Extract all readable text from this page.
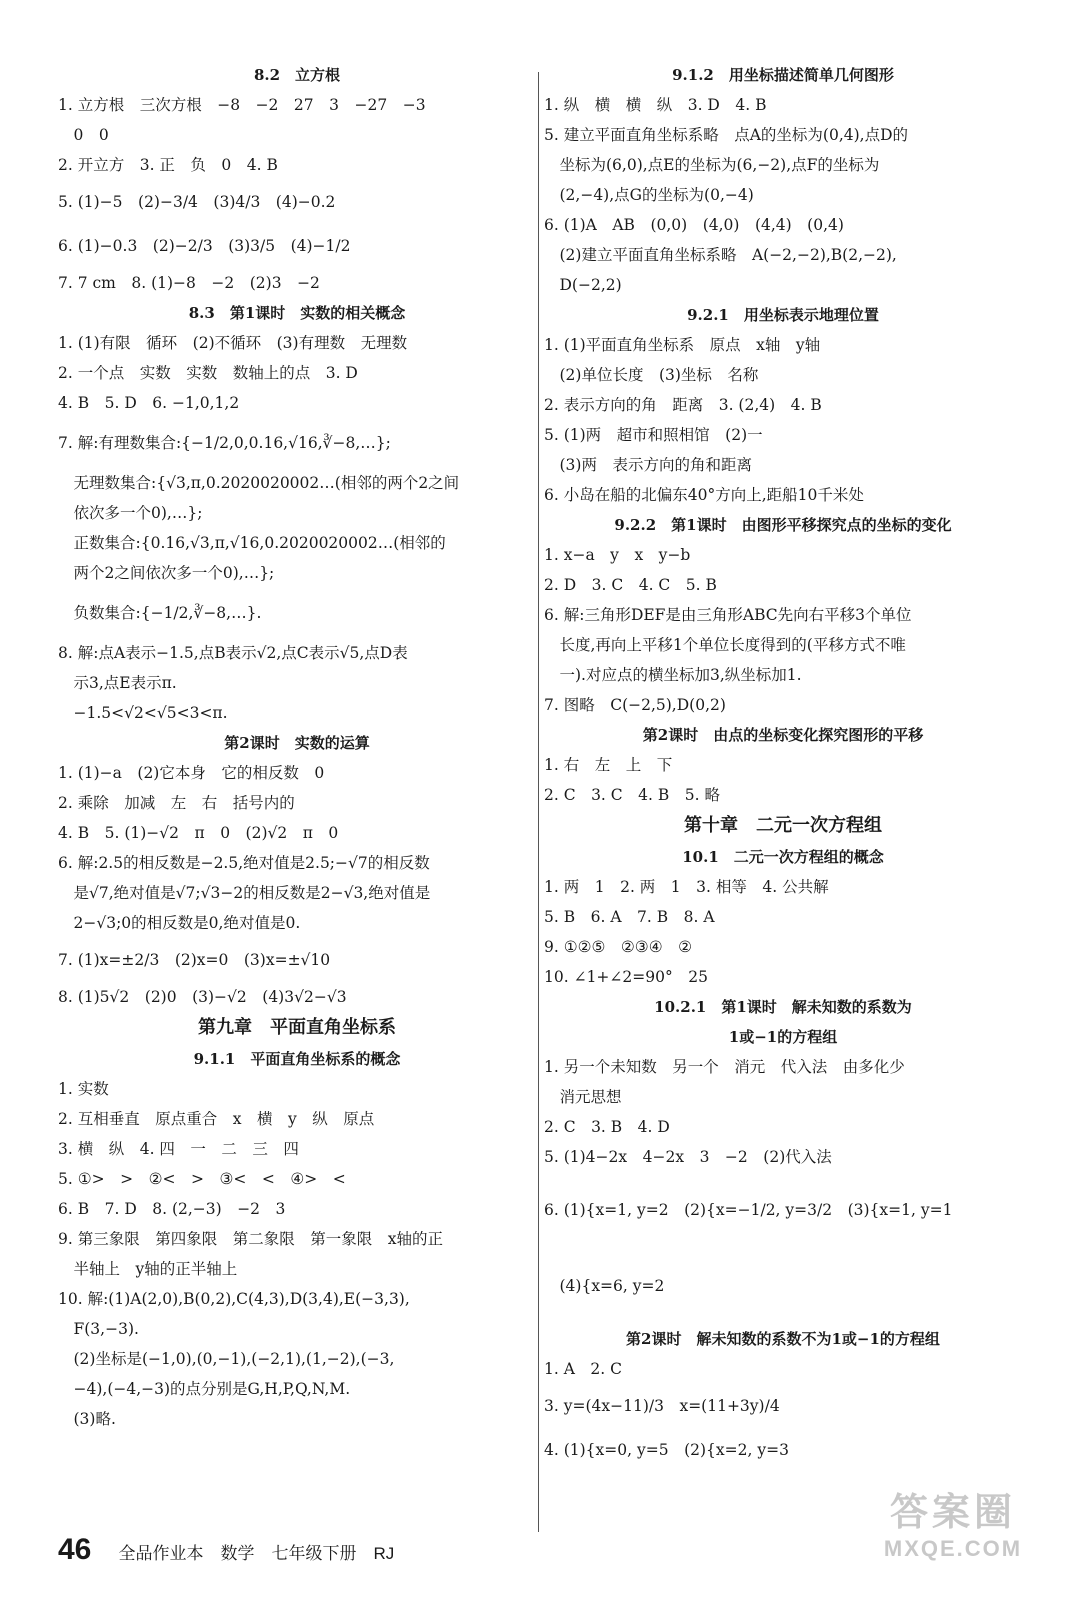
8.2　立方根
1. 立方根　三次方根　−8　−2　27　3　−27　−3
　0　0
2. 开立方　3. 正　负　0　4. B
5. (1)−5　(2)−3/4　(3)4/3　(4)−0.2
6. (1)−0.3　(2)−2/3　(3)3/5　(4)−1/2
7. 7 cm　8. (1)−8　−2　(2)3　−2
8.3　第1课时　实数的相关概念
1. (1)有限　循环　(2)不循环　(3)有理数　无理数
2. 一个点　实数　实数　数轴上的点　3. D
4. B　5. D　6. −1,0,1,2
7. 解:有理数集合:{−1/2,0,0.16,√16,∛−8,…};
　无理数集合:{√3,π,0.2020020002…(相邻的两个2之间
　依次多一个0),…};
　正数集合:{0.16,√3,π,√16,0.2020020002…(相邻的
　两个2之间依次多一个0),…};
　负数集合:{−1/2,∛−8,…}.
8. 解:点A表示−1.5,点B表示√2,点C表示√5,点D表
　示3,点E表示π.
　−1.5<√2<√5<3<π.
第2课时　实数的运算
1. (1)−a　(2)它本身　它的相反数　0
2. 乘除　加减　左　右　括号内的
4. B　5. (1)−√2　π　0　(2)√2　π　0
6. 解:2.5的相反数是−2.5,绝对值是2.5;−√7的相反数
　是√7,绝对值是√7;√3−2的相反数是2−√3,绝对值是
　2−√3;0的相反数是0,绝对值是0.
7. (1)x=±2/3　(2)x=0　(3)x=±√10
8. (1)5√2　(2)0　(3)−√2　(4)3√2−√3
第九章　平面直角坐标系
9.1.1　平面直角坐标系的概念
1. 实数
2. 互相垂直　原点重合　x　横　y　纵　原点
3. 横　纵　4. 四　一　二　三　四
5. ①>　>　②<　>　③<　<　④>　<
6. B　7. D　8. (2,−3)　−2　3
9. 第三象限　第四象限　第二象限　第一象限　x轴的正
　半轴上　y轴的正半轴上
10. 解:(1)A(2,0),B(0,2),C(4,3),D(3,4),E(−3,3),
　F(3,−3).
　(2)坐标是(−1,0),(0,−1),(−2,1),(1,−2),(−3,
　−4),(−4,−3)的点分别是G,H,P,Q,N,M.
　(3)略.
9.1.2　用坐标描述简单几何图形
1. 纵　横　横　纵　3. D　4. B
5. 建立平面直角坐标系略　点A的坐标为(0,4),点D的
　坐标为(6,0),点E的坐标为(6,−2),点F的坐标为
　(2,−4),点G的坐标为(0,−4)
6. (1)A　AB　(0,0)　(4,0)　(4,4)　(0,4)
　(2)建立平面直角坐标系略　A(−2,−2),B(2,−2),
　D(−2,2)
9.2.1　用坐标表示地理位置
1. (1)平面直角坐标系　原点　x轴　y轴
　(2)单位长度　(3)坐标　名称
2. 表示方向的角　距离　3. (2,4)　4. B
5. (1)两　超市和照相馆　(2)一
　(3)两　表示方向的角和距离
6. 小岛在船的北偏东40°方向上,距船10千米处
9.2.2　第1课时　由图形平移探究点的坐标的变化
1. x−a　y　x　y−b
2. D　3. C　4. C　5. B
6. 解:三角形DEF是由三角形ABC先向右平移3个单位
　长度,再向上平移1个单位长度得到的(平移方式不唯
　一).对应点的横坐标加3,纵坐标加1.
7. 图略　C(−2,5),D(0,2)
第2课时　由点的坐标变化探究图形的平移
1. 右　左　上　下
2. C　3. C　4. B　5. 略
第十章　二元一次方程组
10.1　二元一次方程组的概念
1. 两　1　2. 两　1　3. 相等　4. 公共解
5. B　6. A　7. B　8. A
9. ①②⑤　②③④　②
10. ∠1+∠2=90°　25
10.2.1　第1课时　解未知数的系数为
1或−1的方程组
1. 另一个未知数　另一个　消元　代入法　由多化少
　消元思想
2. C　3. B　4. D
5. (1)4−2x　4−2x　3　−2　(2)代入法
6. (1){x=1, y=2　(2){x=−1/2, y=3/2　(3){x=1, y=1
　(4){x=6, y=2
第2课时　解未知数的系数不为1或−1的方程组
1. A　2. C
3. y=(4x−11)/3　x=(11+3y)/4
4. (1){x=0, y=5　(2){x=2, y=3
46 全品作业本　数学　七年级下册　RJ
答案圈
MXQE.COM
